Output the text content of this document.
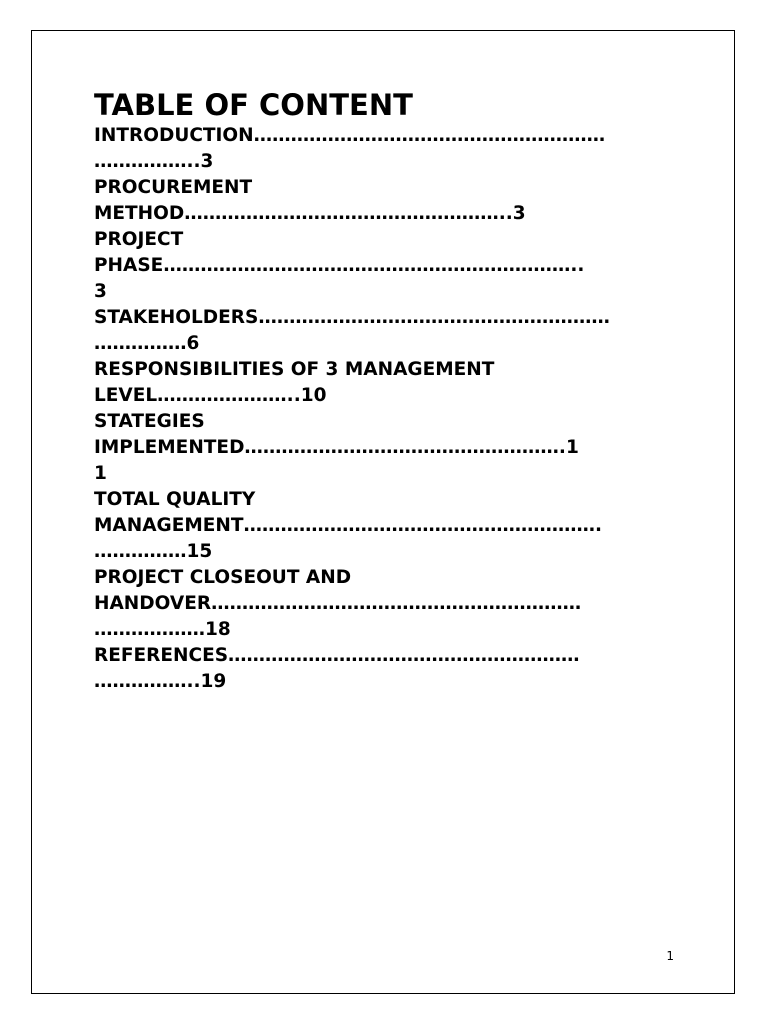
TABLE OF CONTENT
INTRODUCTION…………………………………………………
……………..3
PROCUREMENT
METHOD……………………………………………..3
PROJECT
PHASE…………………………………………………………..
3
STAKEHOLDERS…………………………………………………
……………6
RESPONSIBILITIES OF 3 MANAGEMENT
LEVEL…………………..10
STATEGIES
IMPLEMENTED…………………………………………….1
1
TOTAL QUALITY
MANAGEMENT………………………………………………….
……………15
PROJECT CLOSEOUT AND
HANDOVER……………………………………………………
………………18
REFERENCES…………………………………………………
……………..19
1
